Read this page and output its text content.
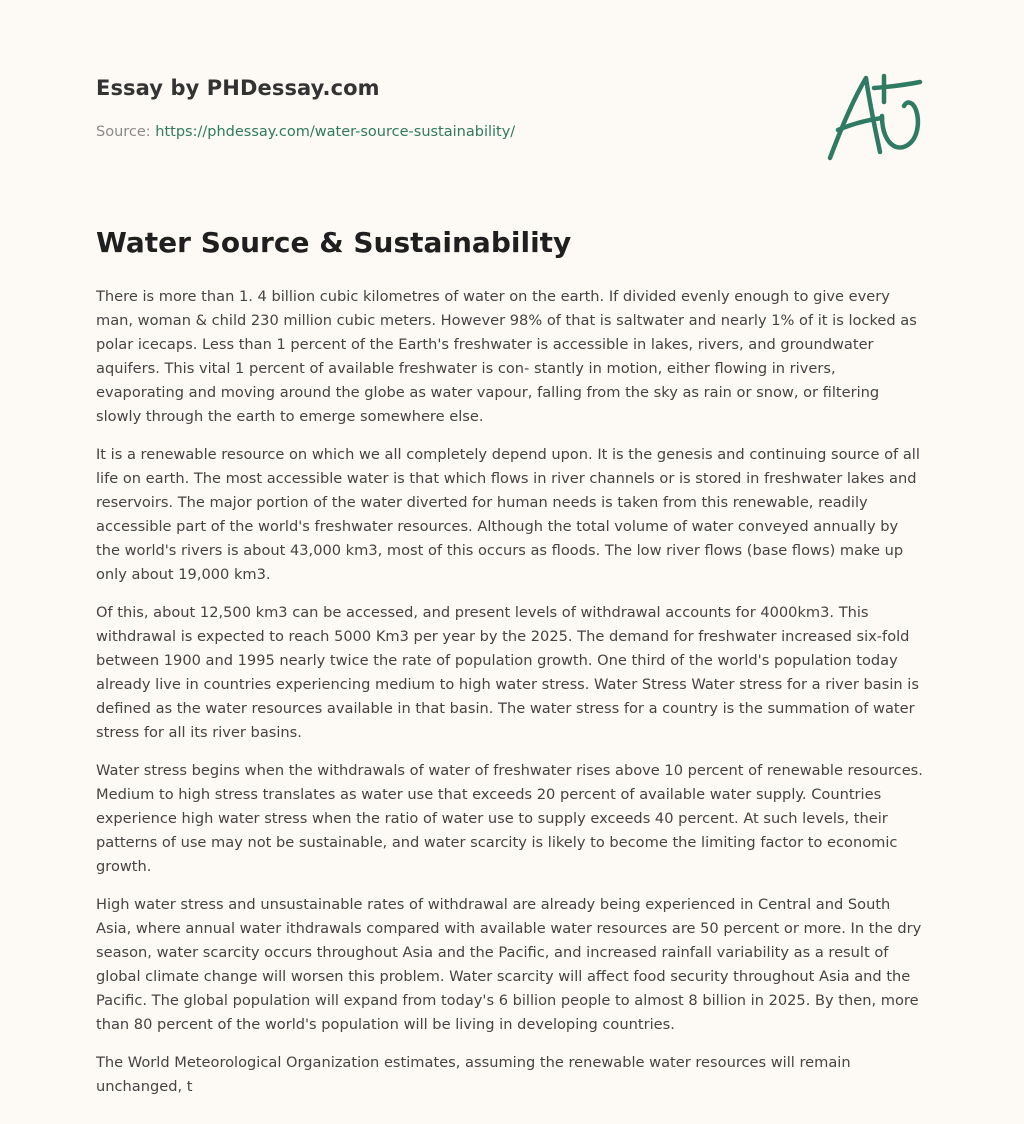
Essay by PHDessay.com
Source: https://phdessay.com/water-source-sustainability/
Water Source & Sustainability

There is more than 1. 4 billion cubic kilometres of water on the earth. If divided evenly enough to give every man, woman & child 230 million cubic meters. However 98% of that is saltwater and nearly 1% of it is locked as polar icecaps. Less than 1 percent of the Earth's freshwater is accessible in lakes, rivers, and groundwater aquifers. This vital 1 percent of available freshwater is con- stantly in motion, either flowing in rivers, evaporating and moving around the globe as water vapour, falling from the sky as rain or snow, or filtering slowly through the earth to emerge somewhere else.

It is a renewable resource on which we all completely depend upon. It is the genesis and continuing source of all life on earth. The most accessible water is that which flows in river channels or is stored in freshwater lakes and reservoirs. The major portion of the water diverted for human needs is taken from this renewable, readily accessible part of the world's freshwater resources. Although the total volume of water conveyed annually by the world's rivers is about 43,000 km3, most of this occurs as floods. The low river flows (base flows) make up only about 19,000 km3.

Of this, about 12,500 km3 can be accessed, and present levels of withdrawal accounts for 4000km3. This withdrawal is expected to reach 5000 Km3 per year by the 2025. The demand for freshwater increased six-fold between 1900 and 1995 nearly twice the rate of population growth. One third of the world's population today already live in countries experiencing medium to high water stress. Water Stress Water stress for a river basin is defined as the water resources available in that basin. The water stress for a country is the summation of water stress for all its river basins.

Water stress begins when the withdrawals of water of freshwater rises above 10 percent of renewable resources. Medium to high stress translates as water use that exceeds 20 percent of available water supply. Countries experience high water stress when the ratio of water use to supply exceeds 40 percent. At such levels, their patterns of use may not be sustainable, and water scarcity is likely to become the limiting factor to economic growth.

High water stress and unsustainable rates of withdrawal are already being experienced in Central and South Asia, where annual water ithdrawals compared with available water resources are 50 percent or more. In the dry season, water scarcity occurs throughout Asia and the Pacific, and increased rainfall variability as a result of global climate change will worsen this problem. Water scarcity will affect food security throughout Asia and the Pacific. The global population will expand from today's 6 billion people to almost 8 billion in 2025. By then, more than 80 percent of the world's population will be living in developing countries.

The World Meteorological Organization estimates, assuming the renewable water resources will remain unchanged, t
